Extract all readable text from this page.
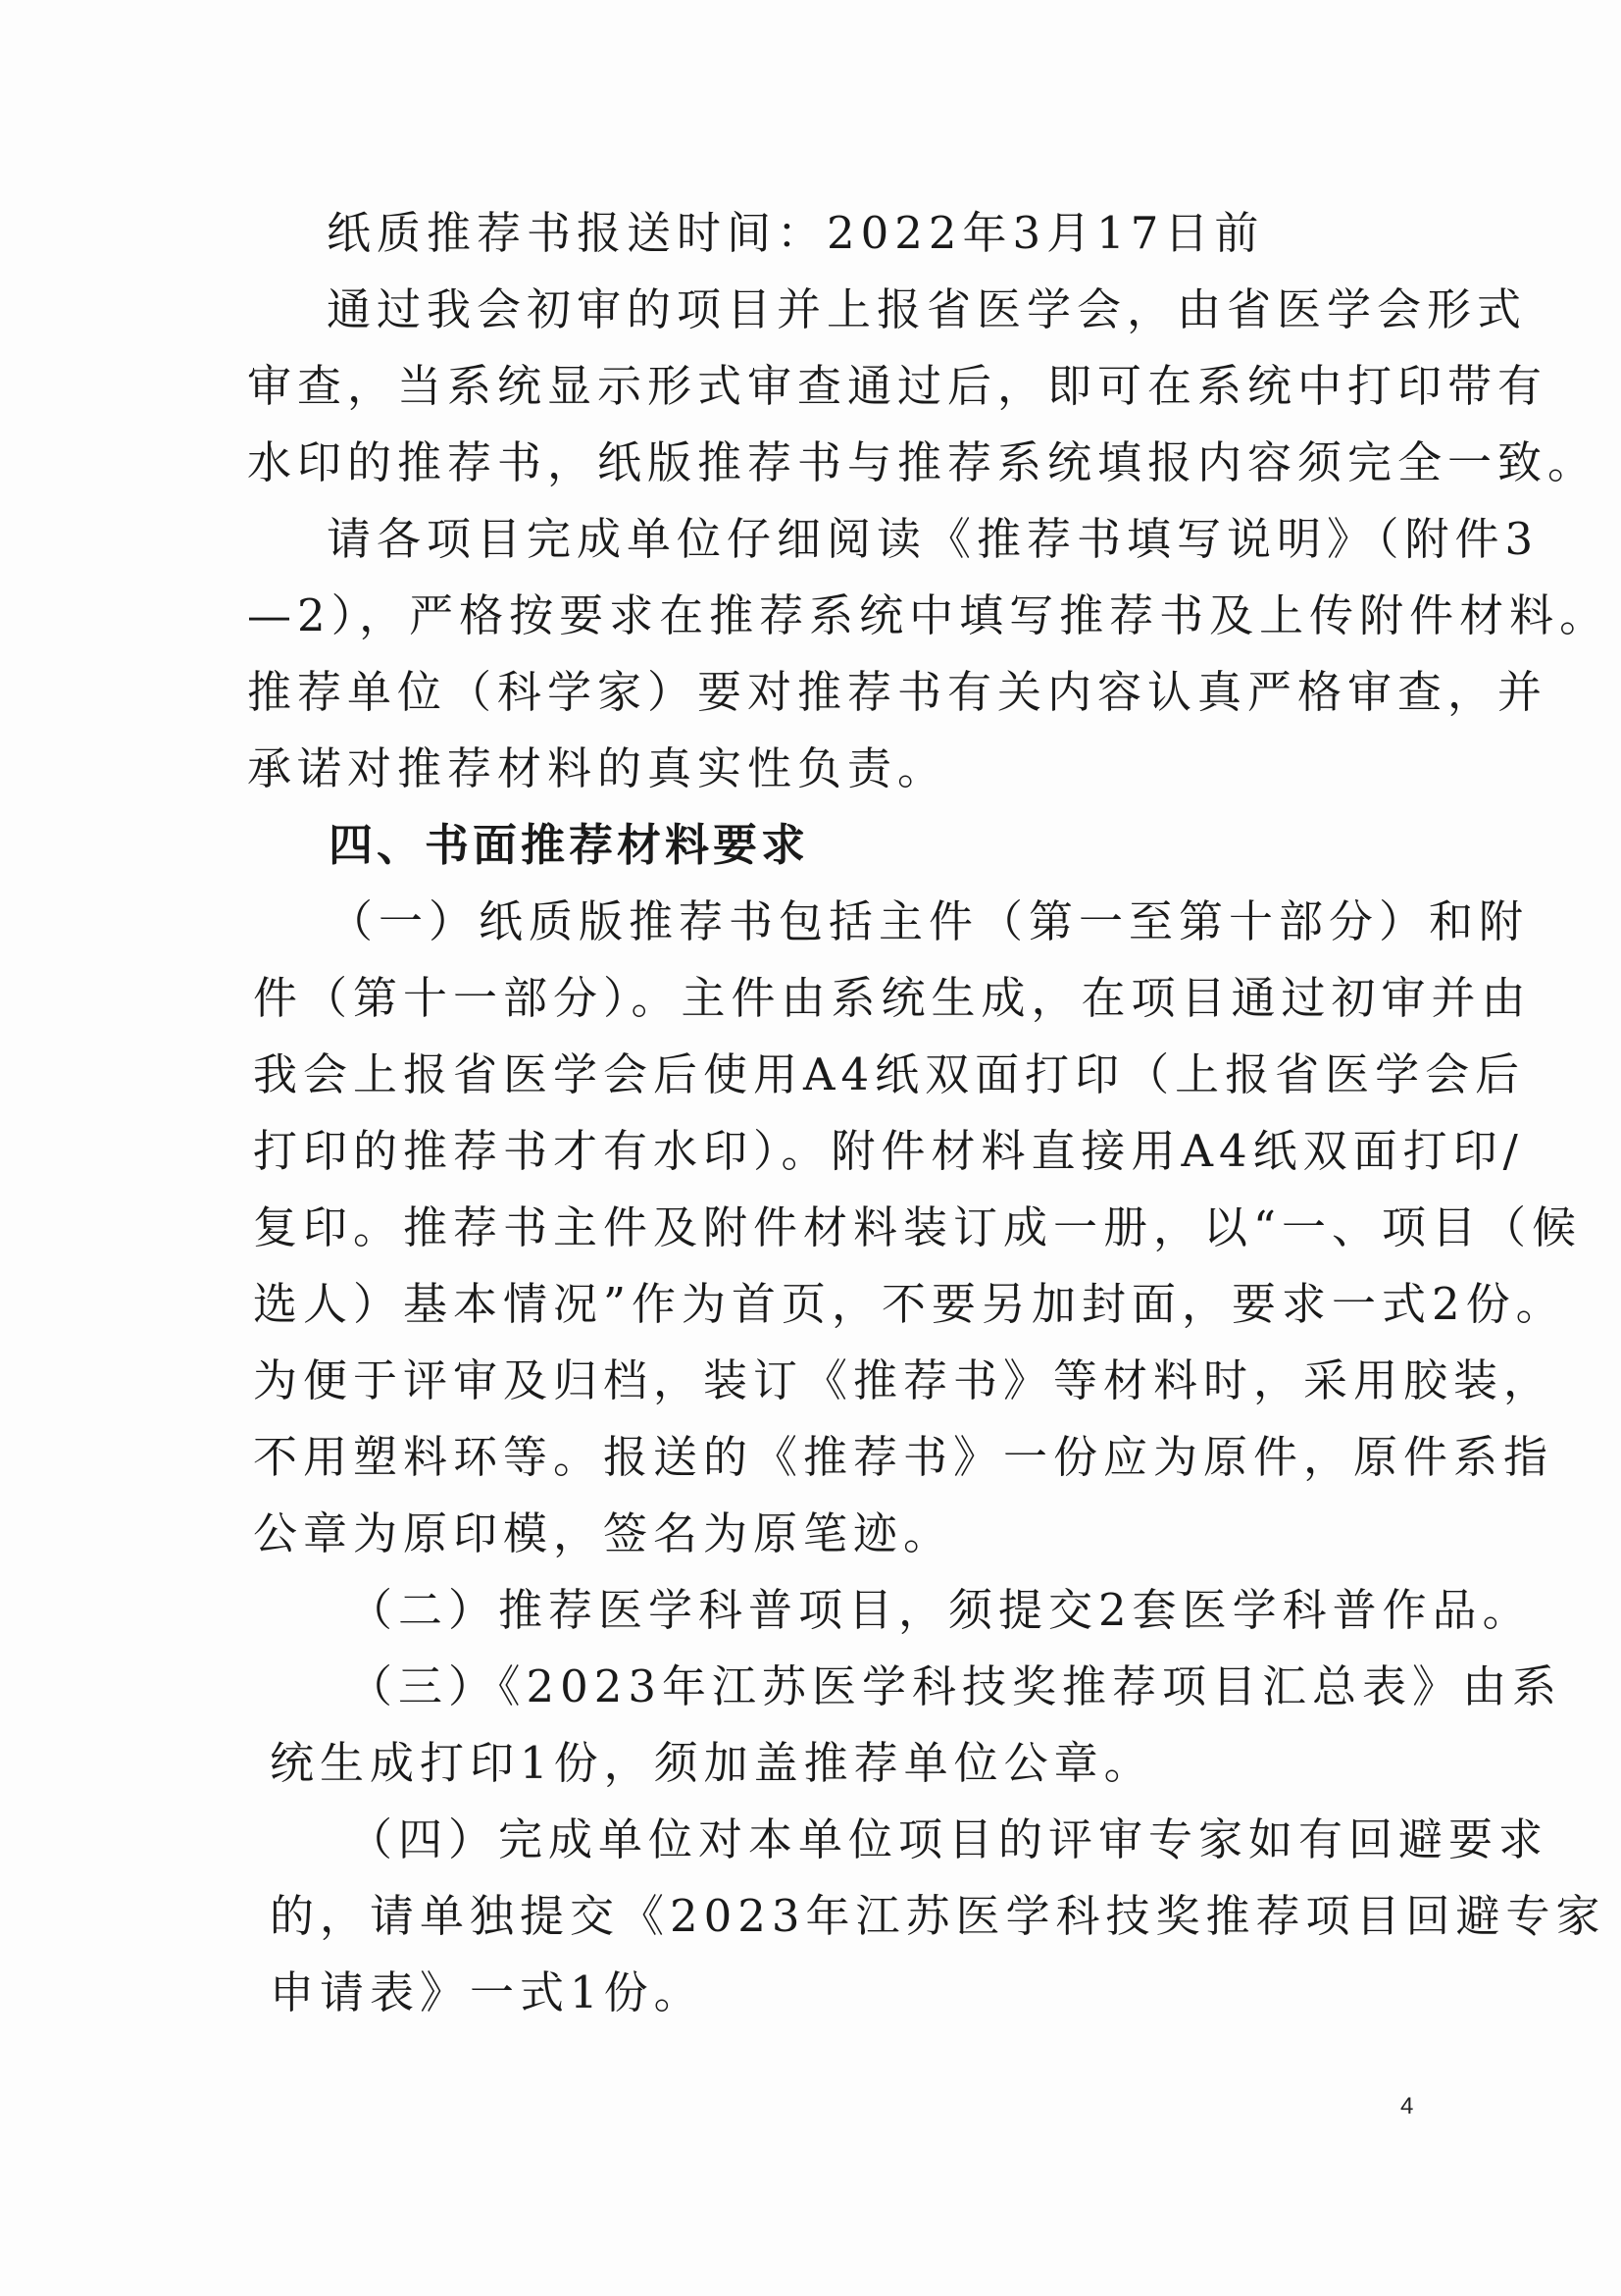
纸质推荐书报送时间：2022年3月17日前
通过我会初审的项目并上报省医学会，由省医学会形式
审查，当系统显示形式审查通过后，即可在系统中打印带有
水印的推荐书，纸版推荐书与推荐系统填报内容须完全一致。
请各项目完成单位仔细阅读《推荐书填写说明》（附件3
—2），严格按要求在推荐系统中填写推荐书及上传附件材料。
推荐单位（科学家）要对推荐书有关内容认真严格审查，并
承诺对推荐材料的真实性负责。
四、书面推荐材料要求
（一）纸质版推荐书包括主件（第一至第十部分）和附
件（第十一部分）。主件由系统生成，在项目通过初审并由
我会上报省医学会后使用A4纸双面打印（上报省医学会后
打印的推荐书才有水印）。附件材料直接用A4纸双面打印/
复印。推荐书主件及附件材料装订成一册，以“一、项目（候
选人）基本情况”作为首页，不要另加封面，要求一式2份。
为便于评审及归档，装订《推荐书》等材料时，采用胶装，
不用塑料环等。报送的《推荐书》一份应为原件，原件系指
公章为原印模，签名为原笔迹。
（二）推荐医学科普项目，须提交2套医学科普作品。
（三）《2023年江苏医学科技奖推荐项目汇总表》由系
统生成打印1份，须加盖推荐单位公章。
（四）完成单位对本单位项目的评审专家如有回避要求
的，请单独提交《2023年江苏医学科技奖推荐项目回避专家
申请表》一式1份。
4
